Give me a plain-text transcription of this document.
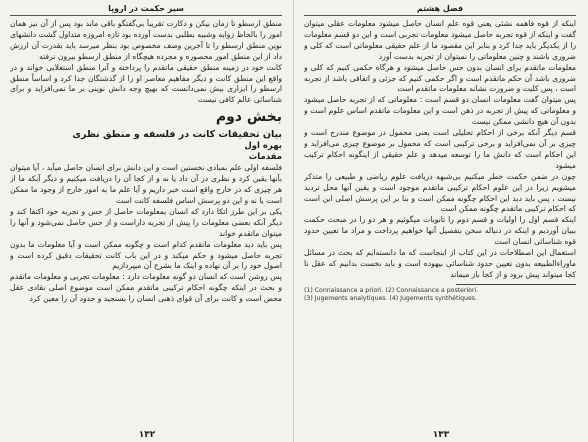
سیر حکمت در اروپا

منطق ارسطو تا زمان بیکن و دکارت تقریباً بی‌گفتگو باقی ماند بود پس از آن نیز همان امور را بالحاظ زوایه وشبیه بطلبی بدست آورده بود تازه امروزه متداول گشت دانشهای نوین منطق ارسطو را تا آخرین وصف مخصوص بود بنظر میرسد باید بقدرت آن ارزش داد از این منطق امور محصوره و مجرده هیچگاه از منطق ارسطو بیرون نرفته

کانت خود در زمینه منطق حقیقی ماتقدم را پرداخته و آنرا منطق استعلایی خواند و در واقع این منطق کانت و دیگر مفاهیم معاصر او را از گذشتگان جدا کرد و اساساً منطق ارسطو را ابزاری بیش نمی‌دانست که بهیچ وجه دانش نوینی بر ما نمی‌افزاید و برای شناسائی عالم کافی نیست

بخش دوم
بیان تحقیقات کانت در فلسفه و منطق نظری
بهره اول
مقدمات

فلسفه اولی علم بمبادی نخستین است و این دانش برای انسان حاصل میآید ، آیا میتوان بآنها یقین کرد و نظری در آن داد یا نه و از کجا آن را دریافت میکنیم و دیگر آنکه ما از هر چیزی که در خارج واقع است خبر داریم و آیا علم ما به امور خارج از وجود ما ممکن است یا نه و این دو پرسش اساس فلسفه کانت است

یکی بر این طرز اتکا دارد که انسان بمعلومات حاصل از حس و تجربه خود اکتفا کند و دیگر آنکه بعضی معلومات را پیش از تجربه داراست و از حس حاصل نمی‌شود و آنها را میتوان ماتقدم خواند

پس باید دید معلومات ماتقدم کدام است و چگونه ممکن است و آیا معلومات ما بدون تجربه حاصل میشود و حکم میکند و در این باب کانت تحقیقات دقیق کرده است و اصول خود را بر آن نهاده و اینک ما بشرح آن میپردازیم

پس روشن است که انسان دو گونه معلومات دارد : معلومات تجربی و معلومات ماتقدم و بحث در اینکه چگونه احکام ترکیبی ماتقدم ممکن است موضوع اصلی نقادی عقل محض است و کانت برای آن قوای ذهنی انسان را بسنجید و حدود آن را معین کرد

١٣٢
فصل هشتم

اینکه از قوه فاهمه نشئی یعنی قوه علم انسان حاصل میشود معلومات عقلی میتوان گفت و اینکه از قوه تجربه حاصل میشود معلومات تجربی است و این دو قسم معلومات را از یکدیگر باید جدا کرد و بنابر این مقصود ما از علم حقیقی معلوماتی است که کلی و ضروری باشند و چنین معلوماتی را نمیتوان از تجربه بدست آورد

معلومات ماتقدم برای انسان بدون حس حاصل میشود و هرگاه حکمی کنیم که کلی و ضروری باشد آن حکم ماتقدم است و اگر حکمی کنیم که جزئی و اتفاقی باشد از تجربه است ، پس کلیت و ضرورت نشانه معلومات ماتقدم است

پس میتوان گفت معلومات انسان دو قسم است : معلوماتی که از تجربه حاصل میشود و معلوماتی که پیش از تجربه در ذهن است و این معلومات ماتقدم اساس علوم است و بدون آن هیچ دانشی ممکن نیست

قسم دیگر آنکه برخی از احکام تحلیلی است یعنی محمول در موضوع مندرج است و چیزی بر آن نمی‌افزاید و برخی ترکیبی است که محمول بر موضوع چیزی می‌افزاید و این احکام است که دانش ما را توسعه میدهد و علم حقیقی از اینگونه احکام ترکیب میشود

چون در ضمن حکمت خطر میکنیم بی‌شبهه دریافت علوم ریاضی و طبیعی را متذکر میشویم زیرا در این علوم احکام ترکیبی ماتقدم موجود است و یقین آنها محل تردید نیست ، پس باید دید این احکام چگونه ممکن است و بنا بر این پرسش اصلی این است که احکام ترکیبی ماتقدم چگونه ممکن است

اینکه قسم اول را اولیات و قسم دوم را ثانویات میگوئیم و هر دو را در مبحث حکمت ببیان آوردیم و اینکه در دنباله سخن بتفصیل آنها خواهیم پرداخت و مراد ما تعیین حدود قوه شناسائی انسان است

استعمال این اصطلاحات در این کتاب از اینجاست که ما دانسته‌ایم که بحث در مسائل ماوراءالطبیعه بدون تعیین حدود شناسائی بیهوده است و باید نخست بدانیم که عقل تا کجا میتواند پیش برود و از کجا باز میماند

(1) Connaissance a priori. (2) Connaissance a posteriori.
(3) Jugements analytiques. (4) Jugements synthétiques.
١٣٣
